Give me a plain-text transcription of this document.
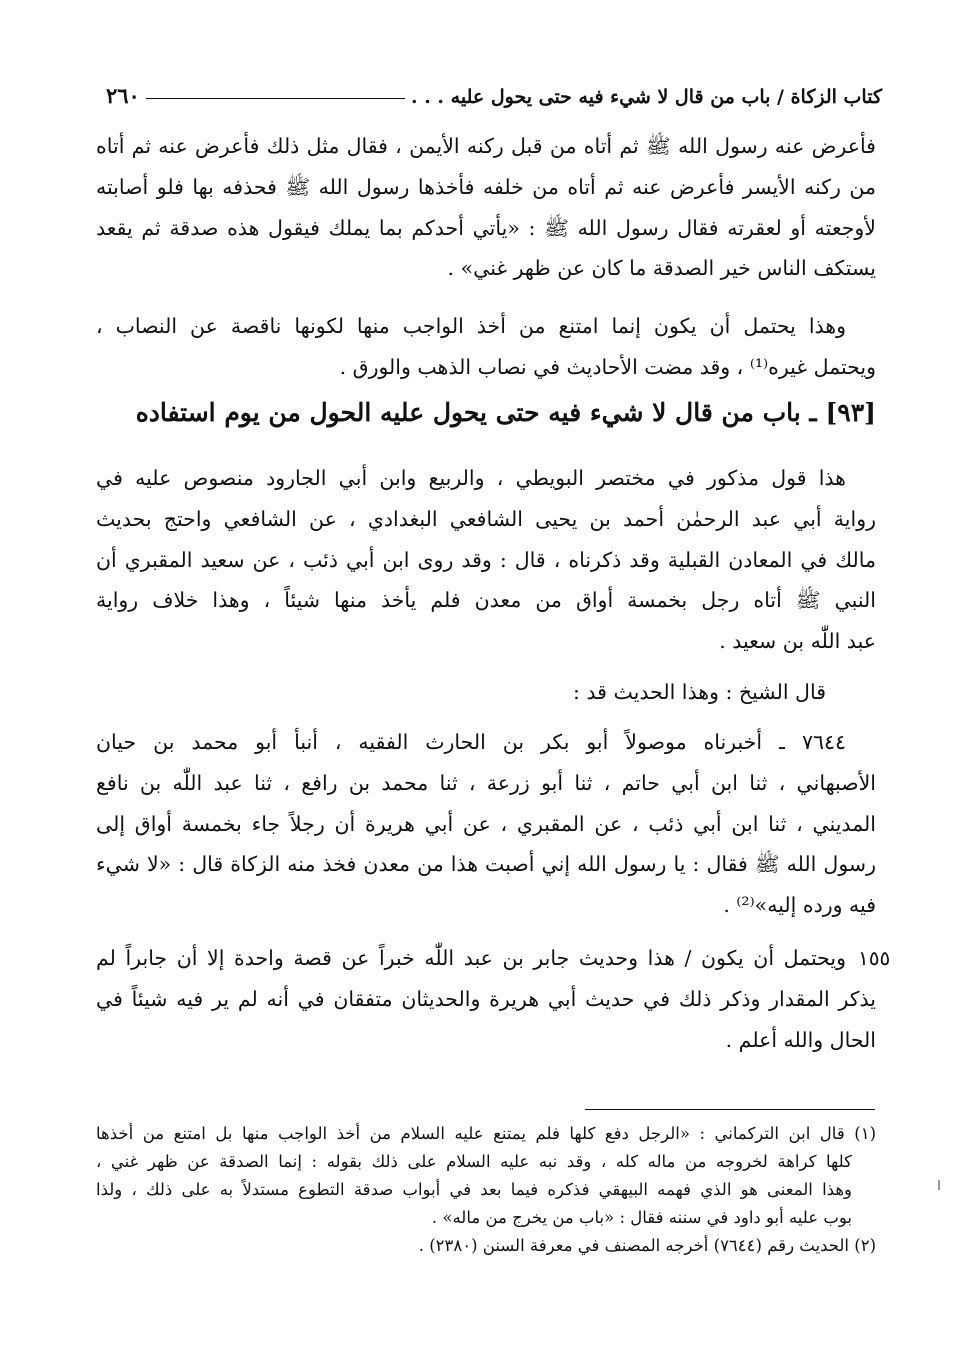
كتاب الزكاة / باب من قال لا شيء فيه حتى يحول عليه . . .
٢٦٠

فأعرض عنه رسول الله ﷺ ثم أتاه من قبل ركنه الأيمن ، فقال مثل ذلك فأعرض عنه ثم أتاه
من ركنه الأيسر فأعرض عنه ثم أتاه من خلفه فأخذها رسول الله ﷺ فحذفه بها فلو أصابته
لأوجعته أو لعقرته فقال رسول الله ﷺ : «يأتي أحدكم بما يملك فيقول هذه صدقة ثم يقعد
يستكف الناس خير الصدقة ما كان عن ظهر غني» .

وهذا يحتمل أن يكون إنما امتنع من أخذ الواجب منها لكونها ناقصة عن النصاب ،
ويحتمل غيره⁽¹⁾ ، وقد مضت الأحاديث في نصاب الذهب والورق .

[٩٣] ـ باب من قال لا شيء فيه حتى يحول عليه الحول من يوم استفاده

هذا قول مذكور في مختصر البويطي ، والربيع وابن أبي الجارود منصوص عليه في
رواية أبي عبد الرحمٰن أحمد بن يحيى الشافعي البغدادي ، عن الشافعي واحتج بحديث
مالك في المعادن القبلية وقد ذكرناه ، قال : وقد روى ابن أبي ذئب ، عن سعيد المقبري أن
النبي ﷺ أتاه رجل بخمسة أواق من معدن فلم يأخذ منها شيئاً ، وهذا خلاف رواية
عبد اللّٰه بن سعيد .

قال الشيخ : وهذا الحديث قد :

٧٦٤٤ ـ أخبرناه موصولاً أبو بكر بن الحارث الفقيه ، أنبأ أبو محمد بن حيان
الأصبهاني ، ثنا ابن أبي حاتم ، ثنا أبو زرعة ، ثنا محمد بن رافع ، ثنا عبد اللّٰه بن نافع
المديني ، ثنا ابن أبي ذئب ، عن المقبري ، عن أبي هريرة أن رجلاً جاء بخمسة أواق إلى
رسول الله ﷺ فقال : يا رسول الله إني أصبت هذا من معدن فخذ منه الزكاة قال : «لا شيء
فيه ورده إليه»⁽²⁾ .

١٥٥

ويحتمل أن يكون / هذا وحديث جابر بن عبد اللّٰه خبراً عن قصة واحدة إلا أن جابراً لم
يذكر المقدار وذكر ذلك في حديث أبي هريرة والحديثان متفقان في أنه لم ير فيه شيئاً في
الحال والله أعلم .

(١) قال ابن التركماني : «الرجل دفع كلها فلم يمتنع عليه السلام من أخذ الواجب منها بل امتنع من أخذها
كلها كراهة لخروجه من ماله كله ، وقد نبه عليه السلام على ذلك بقوله : إنما الصدقة عن ظهر غني ،
وهذا المعنى هو الذي فهمه البيهقي فذكره فيما بعد في أبواب صدقة التطوع مستدلاً به على ذلك ، ولذا
بوب عليه أبو داود في سننه فقال : «باب من يخرج من ماله» .
(٢) الحديث رقم (٧٦٤٤) أخرجه المصنف في معرفة السنن (٢٣٨٠) .
